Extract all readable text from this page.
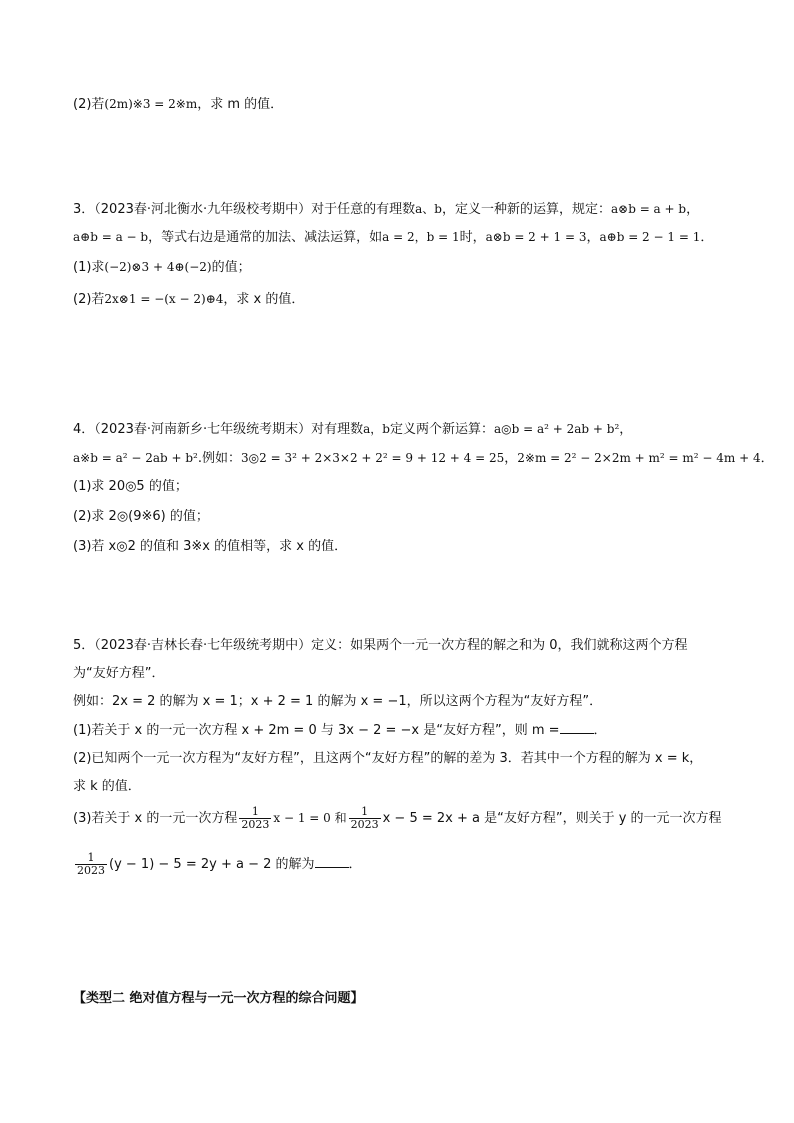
(2)若(2m)※3 = 2※m，求 m 的值．
3．（2023春·河北衡水·九年级校考期中）对于任意的有理数a、b，定义一种新的运算，规定：a⊗b = a + b，
a⊕b = a − b，等式右边是通常的加法、减法运算，如a = 2，b = 1时，a⊗b = 2 + 1 = 3，a⊕b = 2 − 1 = 1．
(1)求(−2)⊗3 + 4⊕(−2)的值；
(2)若2x⊗1 = −(x − 2)⊕4，求 x 的值．
4．（2023春·河南新乡·七年级统考期末）对有理数a，b定义两个新运算：a◎b = a² + 2ab + b²，
a※b = a² − 2ab + b².例如：3◎2 = 3² + 2×3×2 + 2² = 9 + 12 + 4 = 25，2※m = 2² − 2×2m + m² = m² − 4m + 4．
(1)求 20◎5 的值；
(2)求 2◎(9※6) 的值；
(3)若 x◎2 的值和 3※x 的值相等，求 x 的值．
5．（2023春·吉林长春·七年级统考期中）定义：如果两个一元一次方程的解之和为 0，我们就称这两个方程
为“友好方程”．
例如：2x = 2 的解为 x = 1；x + 2 = 1 的解为 x = −1，所以这两个方程为“友好方程”．
(1)若关于 x 的一元一次方程 x + 2m = 0 与 3x − 2 = −x 是“友好方程”，则 m =	．
(2)已知两个一元一次方程为“友好方程”，且这两个“友好方程”的解的差为 3．若其中一个方程的解为 x = k，
求 k 的值．
(3)若关于 x 的一元一次方程 $\frac{1}{2023}$ x − 1 = 0 和 $\frac{1}{2023}$ x − 5 = 2x + a 是“友好方程”，则关于 y 的一元一次方程
$\frac{1}{2023} (y - 1) - 5 = 2y + a - 2$ 的解为	．
【类型二 绝对值方程与一元一次方程的综合问题】
